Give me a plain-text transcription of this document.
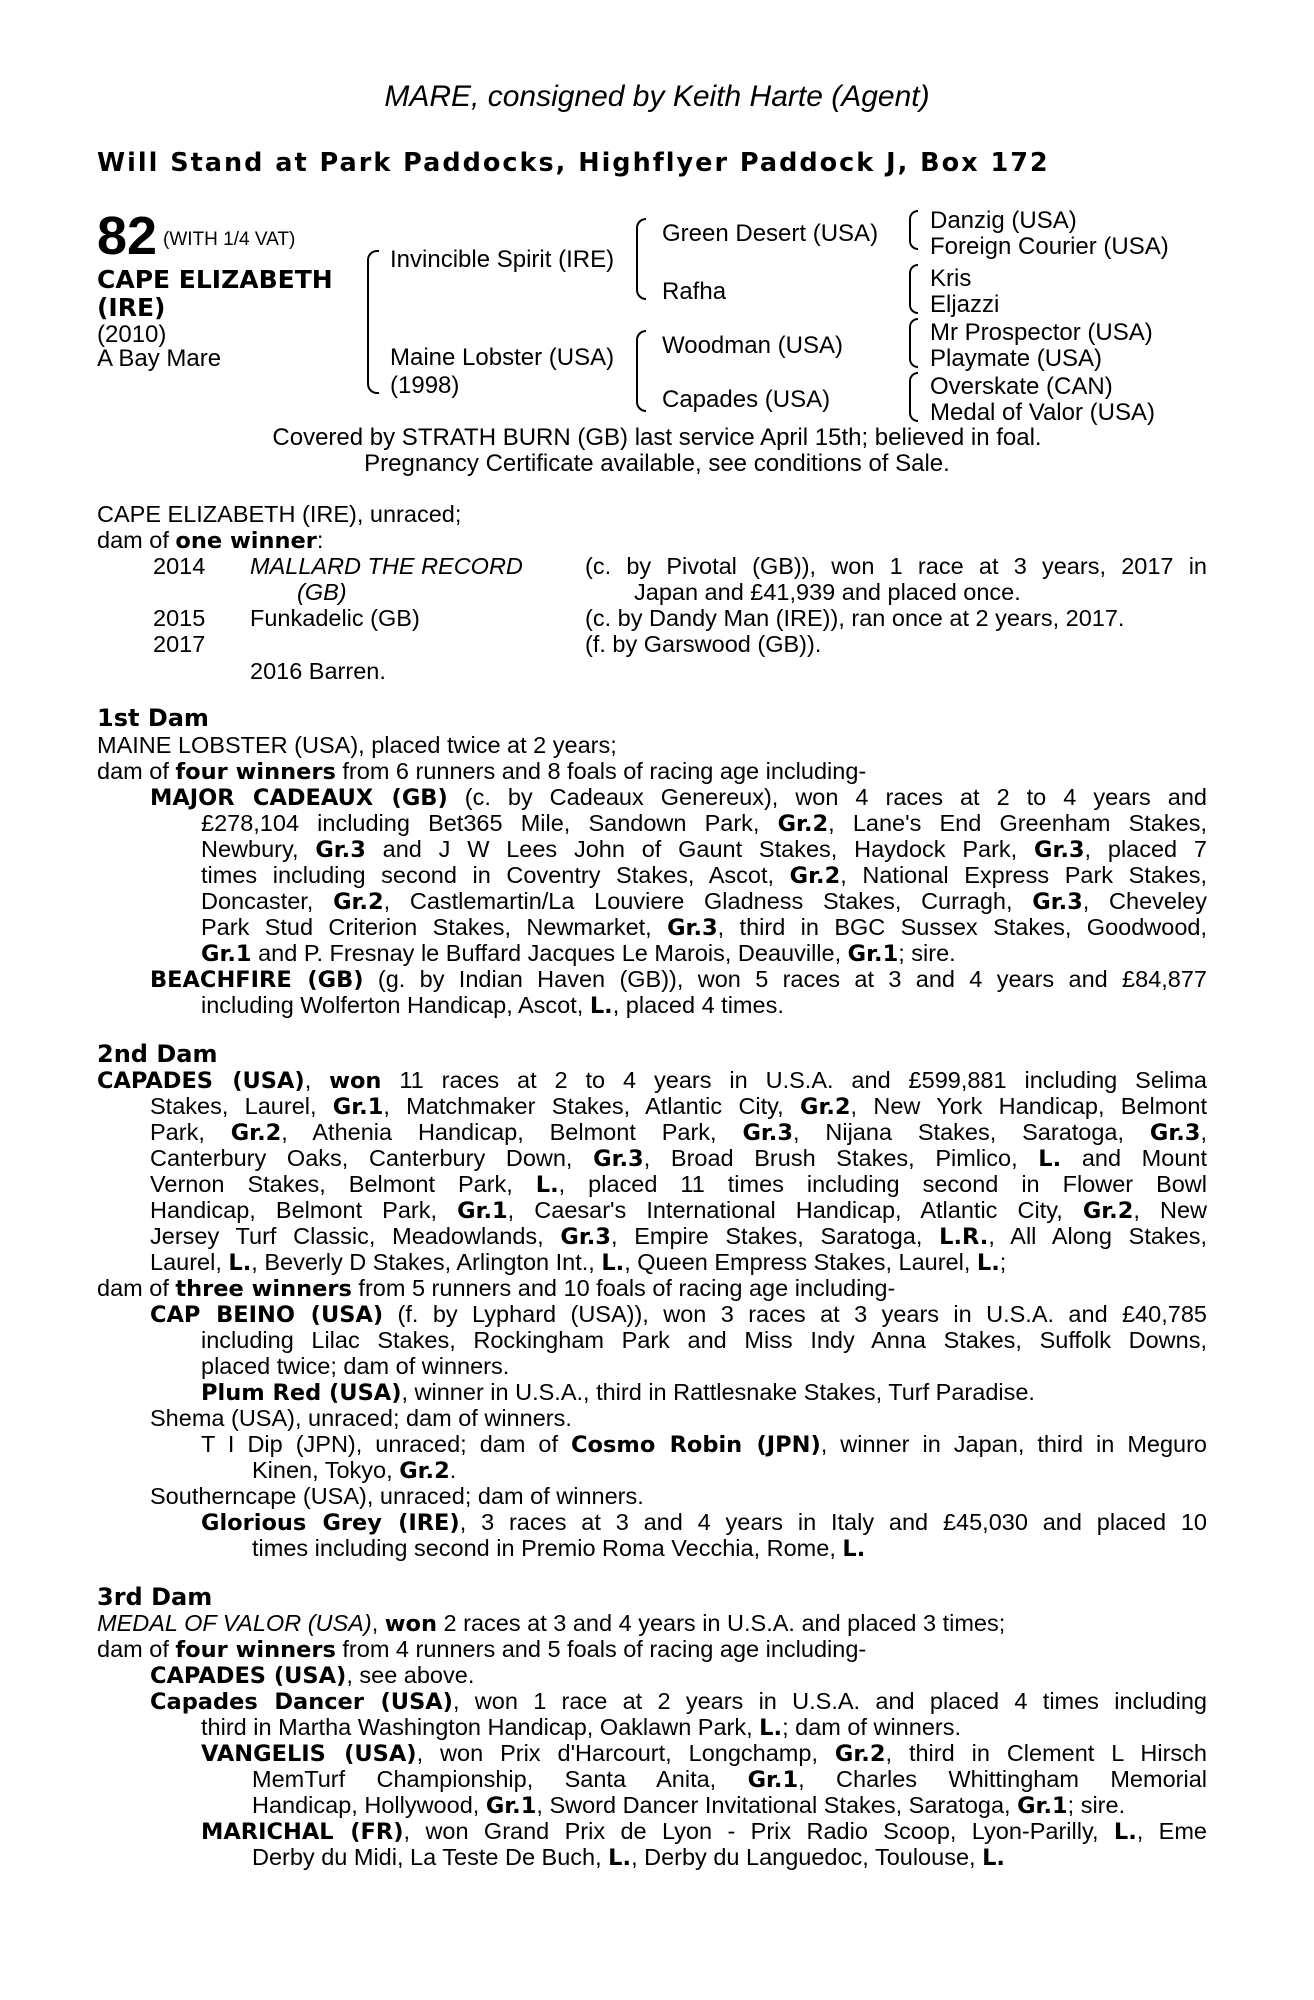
MARE, consigned by Keith Harte (Agent)
Will Stand at Park Paddocks, Highflyer Paddock J, Box 172
82 (WITH 1/4 VAT)
CAPE ELIZABETH
(IRE)
(2010)
A Bay Mare
Invincible Spirit (IRE)
Maine Lobster (USA)
(1998)
Green Desert (USA)
Rafha
Woodman (USA)
Capades (USA)
Danzig (USA)
Foreign Courier (USA)
Kris
Eljazzi
Mr Prospector (USA)
Playmate (USA)
Overskate (CAN)
Medal of Valor (USA)
Covered by STRATH BURN (GB) last service April 15th; believed in foal.
Pregnancy Certificate available, see conditions of Sale.
CAPE ELIZABETH (IRE), unraced;
dam of one winner:
2014 MALLARD THE RECORD
(GB)
(c. by Pivotal (GB)), won 1 race at 3 years, 2017 in
Japan and £41,939 and placed once.
2015 Funkadelic (GB)	(c. by Dandy Man (IRE)), ran once at 2 years, 2017.
2017	(f. by Garswood (GB)).
2016 Barren.
1st Dam
MAINE LOBSTER (USA), placed twice at 2 years;
dam of four winners from 6 runners and 8 foals of racing age including-
MAJOR CADEAUX (GB) (c. by Cadeaux Genereux), won 4 races at 2 to 4 years and
£278,104 including Bet365 Mile, Sandown Park, Gr.2, Lane's End Greenham Stakes,
Newbury, Gr.3 and J W Lees John of Gaunt Stakes, Haydock Park, Gr.3, placed 7
times including second in Coventry Stakes, Ascot, Gr.2, National Express Park Stakes,
Doncaster, Gr.2, Castlemartin/La Louviere Gladness Stakes, Curragh, Gr.3, Cheveley
Park Stud Criterion Stakes, Newmarket, Gr.3, third in BGC Sussex Stakes, Goodwood,
Gr.1 and P. Fresnay le Buffard Jacques Le Marois, Deauville, Gr.1; sire.
BEACHFIRE (GB) (g. by Indian Haven (GB)), won 5 races at 3 and 4 years and £84,877
including Wolferton Handicap, Ascot, L., placed 4 times.
2nd Dam
CAPADES (USA), won 11 races at 2 to 4 years in U.S.A. and £599,881 including Selima
Stakes, Laurel, Gr.1, Matchmaker Stakes, Atlantic City, Gr.2, New York Handicap, Belmont
Park, Gr.2, Athenia Handicap, Belmont Park, Gr.3, Nijana Stakes, Saratoga, Gr.3,
Canterbury Oaks, Canterbury Down, Gr.3, Broad Brush Stakes, Pimlico, L. and Mount
Vernon Stakes, Belmont Park, L., placed 11 times including second in Flower Bowl
Handicap, Belmont Park, Gr.1, Caesar's International Handicap, Atlantic City, Gr.2, New
Jersey Turf Classic, Meadowlands, Gr.3, Empire Stakes, Saratoga, L.R., All Along Stakes,
Laurel, L., Beverly D Stakes, Arlington Int., L., Queen Empress Stakes, Laurel, L.;
dam of three winners from 5 runners and 10 foals of racing age including-
CAP BEINO (USA) (f. by Lyphard (USA)), won 3 races at 3 years in U.S.A. and £40,785
including Lilac Stakes, Rockingham Park and Miss Indy Anna Stakes, Suffolk Downs,
placed twice; dam of winners.
Plum Red (USA), winner in U.S.A., third in Rattlesnake Stakes, Turf Paradise.
Shema (USA), unraced; dam of winners.
T I Dip (JPN), unraced; dam of Cosmo Robin (JPN), winner in Japan, third in Meguro
Kinen, Tokyo, Gr.2.
Southerncape (USA), unraced; dam of winners.
Glorious Grey (IRE), 3 races at 3 and 4 years in Italy and £45,030 and placed 10
times including second in Premio Roma Vecchia, Rome, L.
3rd Dam
MEDAL OF VALOR (USA), won 2 races at 3 and 4 years in U.S.A. and placed 3 times;
dam of four winners from 4 runners and 5 foals of racing age including-
CAPADES (USA), see above.
Capades Dancer (USA), won 1 race at 2 years in U.S.A. and placed 4 times including
third in Martha Washington Handicap, Oaklawn Park, L.; dam of winners.
VANGELIS (USA), won Prix d'Harcourt, Longchamp, Gr.2, third in Clement L Hirsch
MemTurf Championship, Santa Anita, Gr.1, Charles Whittingham Memorial
Handicap, Hollywood, Gr.1, Sword Dancer Invitational Stakes, Saratoga, Gr.1; sire.
MARICHAL (FR), won Grand Prix de Lyon - Prix Radio Scoop, Lyon-Parilly, L., Eme
Derby du Midi, La Teste De Buch, L., Derby du Languedoc, Toulouse, L.
